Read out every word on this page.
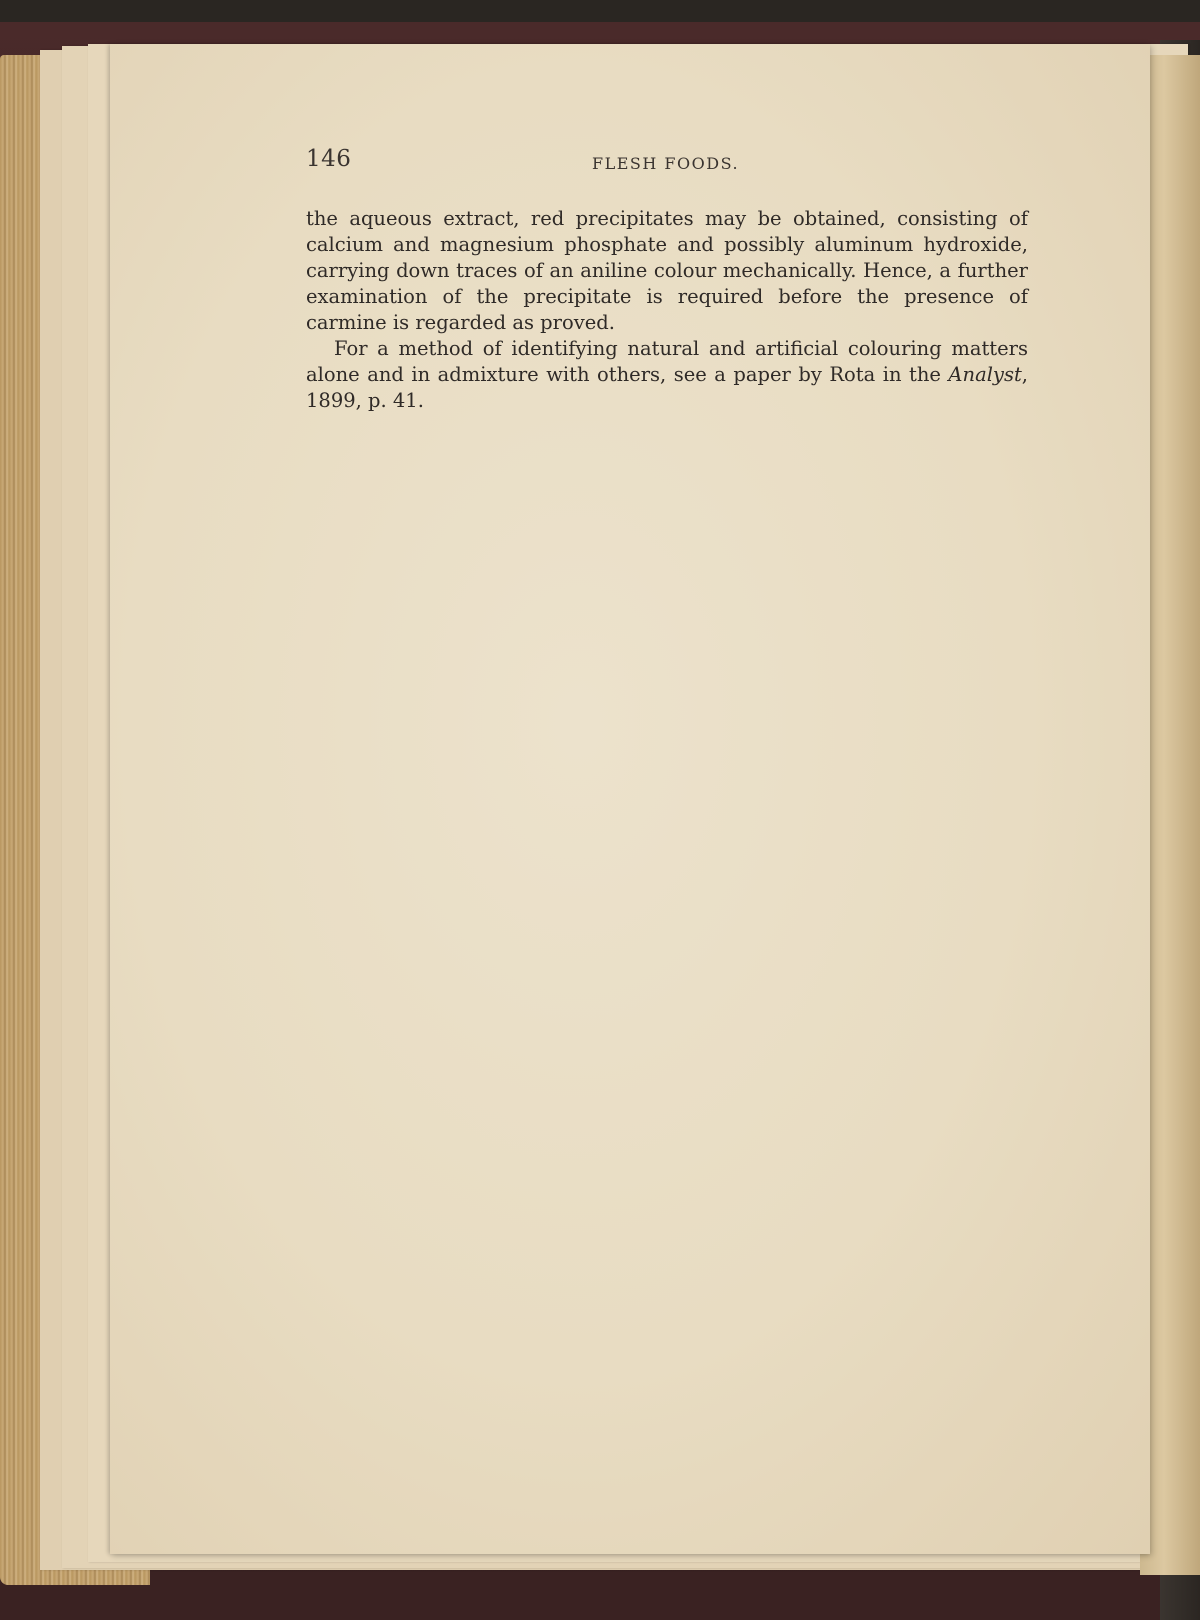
146	FLESH FOODS.

the aqueous extract, red precipitates may be obtained, consisting of calcium and magnesium phosphate and possibly aluminum hydroxide, carrying down traces of an aniline colour mechanically. Hence, a further examination of the precipitate is required before the presence of carmine is regarded as proved.

For a method of identifying natural and artificial colouring matters alone and in admixture with others, see a paper by Rota in the Analyst, 1899, p. 41.
